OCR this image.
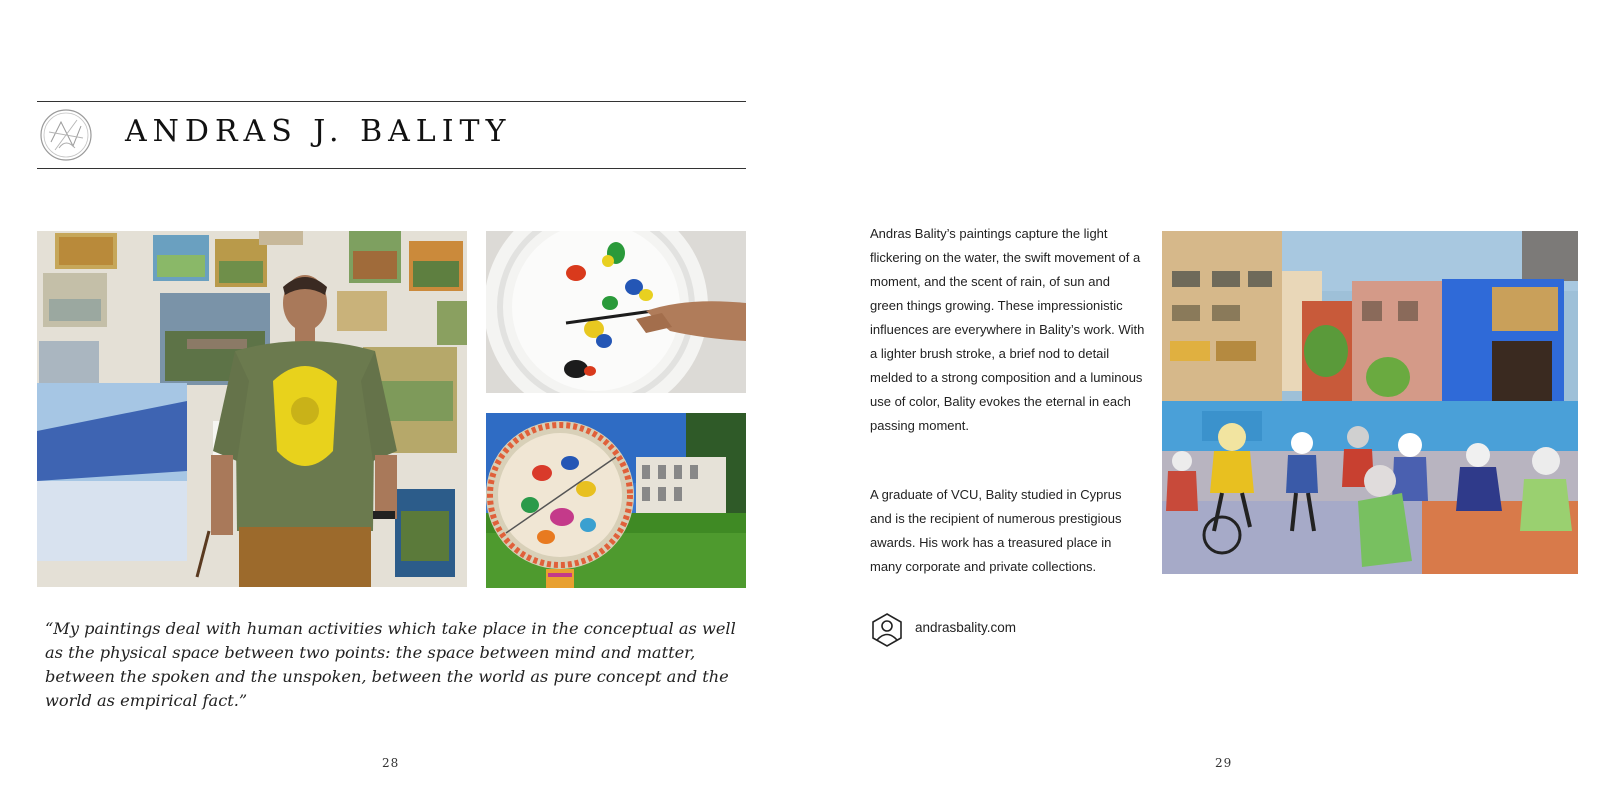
ANDRAS J. BALITY
“My paintings deal with human activities which take place in the conceptual as well as the physical space between two points: the space between mind and matter, between the spoken and the unspoken, between the world as pure concept and the world as empirical fact.”
28

Andras Bality’s paintings capture the light flickering on the water, the swift movement of a moment, and the scent of rain, of sun and green things growing. These impressionistic influences are everywhere in Bality’s work. With a lighter brush stroke, a brief nod to detail melded to a strong composition and a luminous use of color, Bality evokes the eternal in each passing moment.

A graduate of VCU, Bality studied in Cyprus and is the recipient of numerous prestigious awards. His work has a treasured place in many corporate and private collections.

andrasbality.com
29
